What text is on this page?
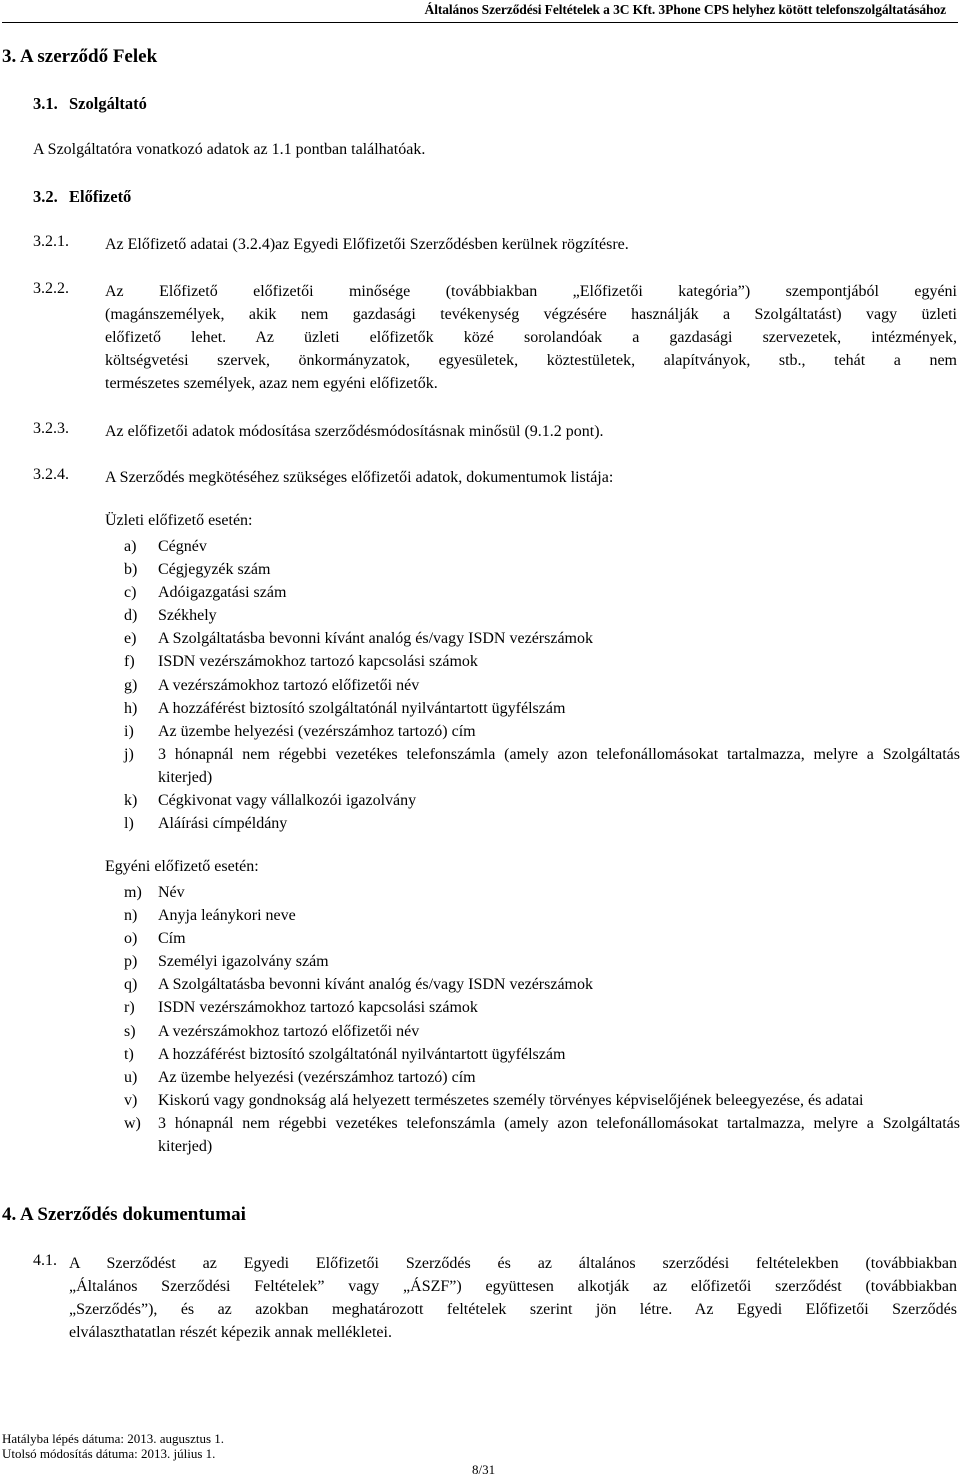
Általános Szerződési Feltételek a 3C Kft. 3Phone CPS helyhez kötött telefonszolgáltatásához
3. A szerződő Felek
3.1. Szolgáltató
A Szolgáltatóra vonatkozó adatok az 1.1 pontban találhatóak.
3.2. Előfizető
3.2.1. Az Előfizető adatai (3.2.4)az Egyedi Előfizetői Szerződésben kerülnek rögzítésre.
3.2.2. Az Előfizető előfizetői minősége (továbbiakban „Előfizetői kategória”) szempontjából egyéni
(magánszemélyek, akik nem gazdasági tevékenység végzésére használják a Szolgáltatást) vagy üzleti
előfizető lehet. Az üzleti előfizetők közé sorolandóak a gazdasági szervezetek, intézmények,
költségvetési szervek, önkormányzatok, egyesületek, köztestületek, alapítványok, stb., tehát a nem
természetes személyek, azaz nem egyéni előfizetők.
3.2.3. Az előfizetői adatok módosítása szerződésmódosításnak minősül (9.1.2 pont).
3.2.4. A Szerződés megkötéséhez szükséges előfizetői adatok, dokumentumok listája:
Üzleti előfizető esetén:
a)	Cégnév
b)	Cégjegyzék szám
c)	Adóigazgatási szám
d)	Székhely
e)	A Szolgáltatásba bevonni kívánt analóg és/vagy ISDN vezérszámok
f)	ISDN vezérszámokhoz tartozó kapcsolási számok
g)	A vezérszámokhoz tartozó előfizetői név
h)	A hozzáférést biztosító szolgáltatónál nyilvántartott ügyfélszám
i)	Az üzembe helyezési (vezérszámhoz tartozó) cím
j)	3 hónapnál nem régebbi vezetékes telefonszámla (amely azon telefonállomásokat tartalmazza, melyre a Szolgáltatás kiterjed)
k)	Cégkivonat vagy vállalkozói igazolvány
l)	Aláírási címpéldány
Egyéni előfizető esetén:
m)	Név
n)	Anyja leánykori neve
o)	Cím
p)	Személyi igazolvány szám
q)	A Szolgáltatásba bevonni kívánt analóg és/vagy ISDN vezérszámok
r)	ISDN vezérszámokhoz tartozó kapcsolási számok
s)	A vezérszámokhoz tartozó előfizetői név
t)	A hozzáférést biztosító szolgáltatónál nyilvántartott ügyfélszám
u)	Az üzembe helyezési (vezérszámhoz tartozó) cím
v)	Kiskorú vagy gondnokság alá helyezett természetes személy törvényes képviselőjének beleegyezése, és adatai
w)	3 hónapnál nem régebbi vezetékes telefonszámla (amely azon telefonállomásokat tartalmazza, melyre a Szolgáltatás kiterjed)
4. A Szerződés dokumentumai
4.1. A Szerződést az Egyedi Előfizetői Szerződés és az általános szerződési feltételekben (továbbiakban
„Általános Szerződési Feltételek” vagy „ÁSZF”) együttesen alkotják az előfizetői szerződést (továbbiakban
„Szerződés”), és az azokban meghatározott feltételek szerint jön létre. Az Egyedi Előfizetői Szerződés
elválaszthatatlan részét képezik annak mellékletei.
Hatályba lépés dátuma: 2013. augusztus 1.
Utolsó módosítás dátuma: 2013. július 1.
8/31
